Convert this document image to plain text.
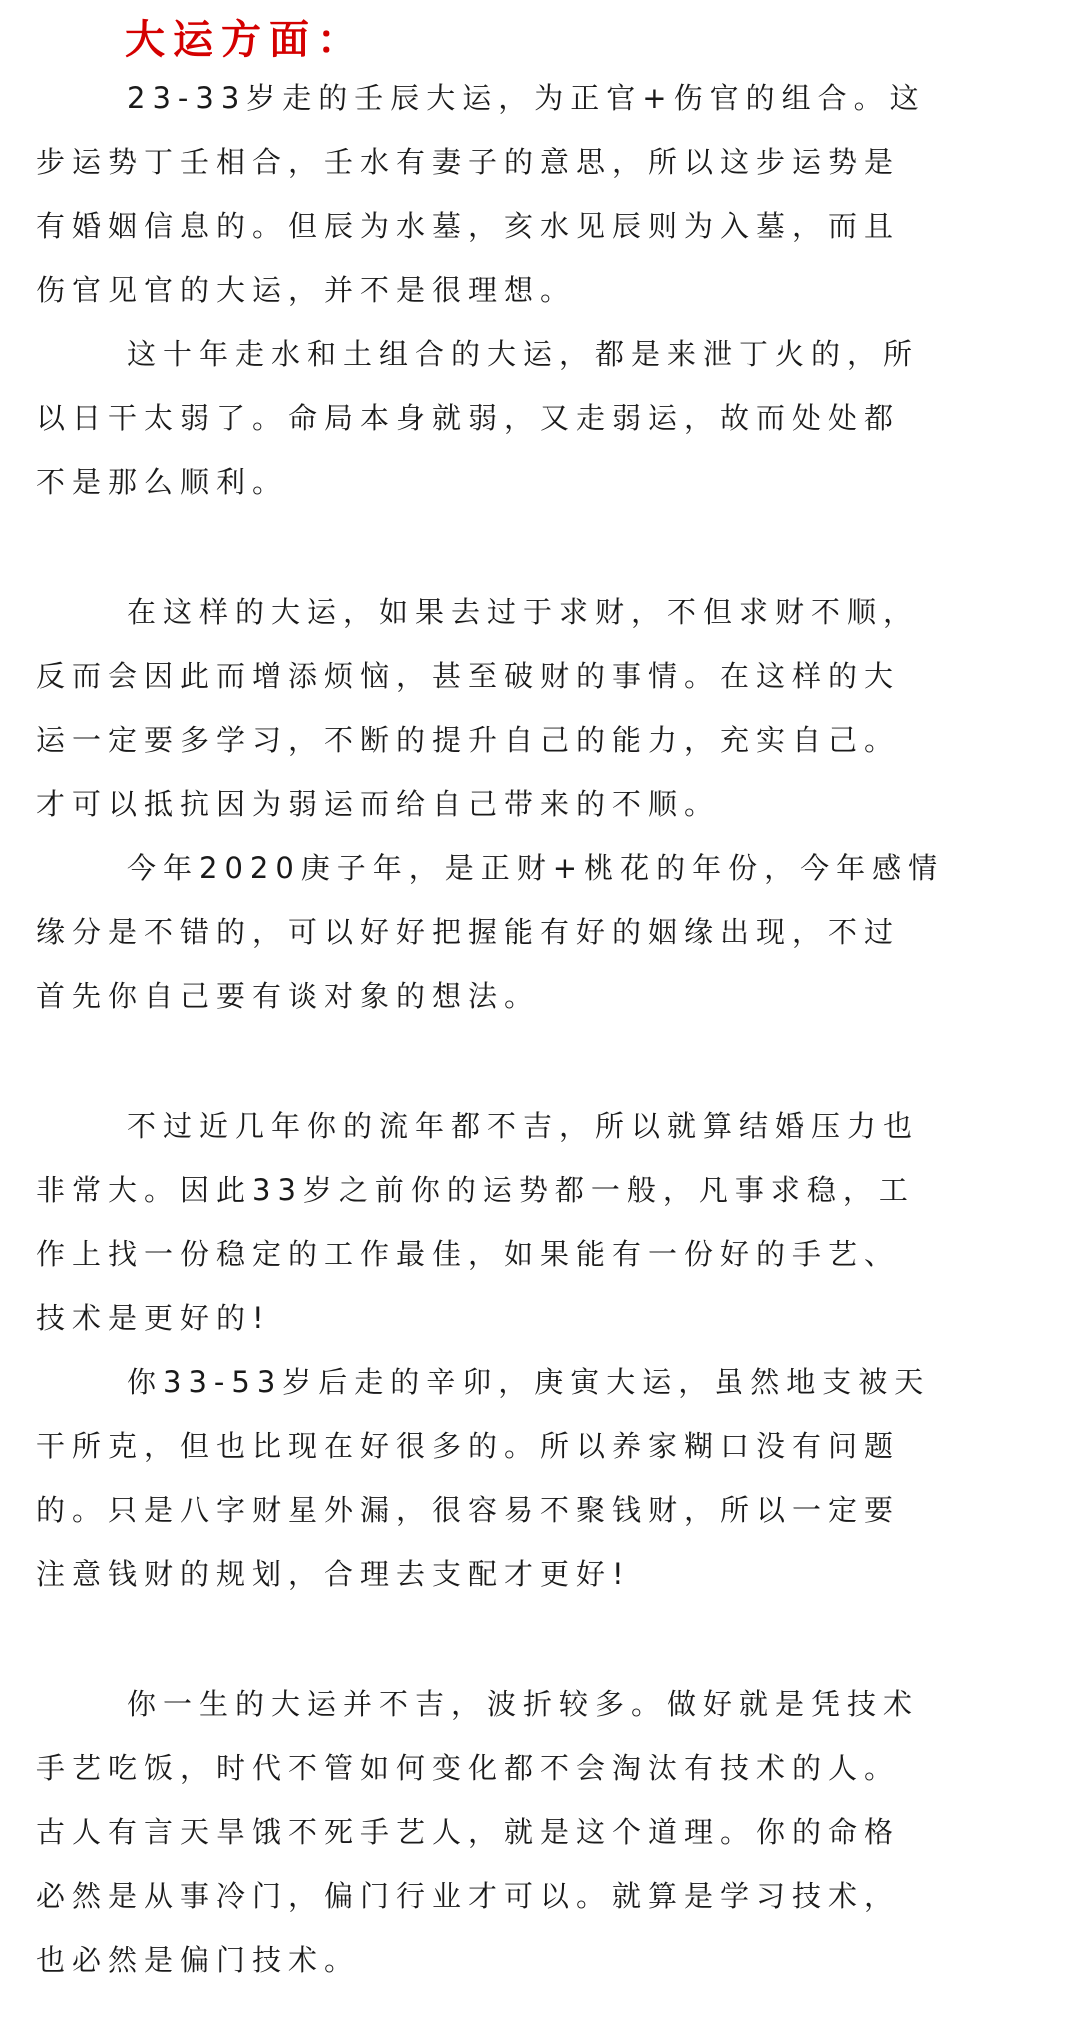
大运方面：
23-33岁走的壬辰大运，为正官+伤官的组合。这
步运势丁壬相合，壬水有妻子的意思，所以这步运势是
有婚姻信息的。但辰为水墓，亥水见辰则为入墓，而且
伤官见官的大运，并不是很理想。
这十年走水和土组合的大运，都是来泄丁火的，所
以日干太弱了。命局本身就弱，又走弱运，故而处处都
不是那么顺利。
在这样的大运，如果去过于求财，不但求财不顺，
反而会因此而增添烦恼，甚至破财的事情。在这样的大
运一定要多学习，不断的提升自己的能力，充实自己。
才可以抵抗因为弱运而给自己带来的不顺。
今年2020庚子年，是正财+桃花的年份，今年感情
缘分是不错的，可以好好把握能有好的姻缘出现，不过
首先你自己要有谈对象的想法。
不过近几年你的流年都不吉，所以就算结婚压力也
非常大。因此33岁之前你的运势都一般，凡事求稳，工
作上找一份稳定的工作最佳，如果能有一份好的手艺、
技术是更好的!
你33-53岁后走的辛卯，庚寅大运，虽然地支被天
干所克，但也比现在好很多的。所以养家糊口没有问题
的。只是八字财星外漏，很容易不聚钱财，所以一定要
注意钱财的规划，合理去支配才更好!
你一生的大运并不吉，波折较多。做好就是凭技术
手艺吃饭，时代不管如何变化都不会淘汰有技术的人。
古人有言天旱饿不死手艺人，就是这个道理。你的命格
必然是从事冷门，偏门行业才可以。就算是学习技术，
也必然是偏门技术。
